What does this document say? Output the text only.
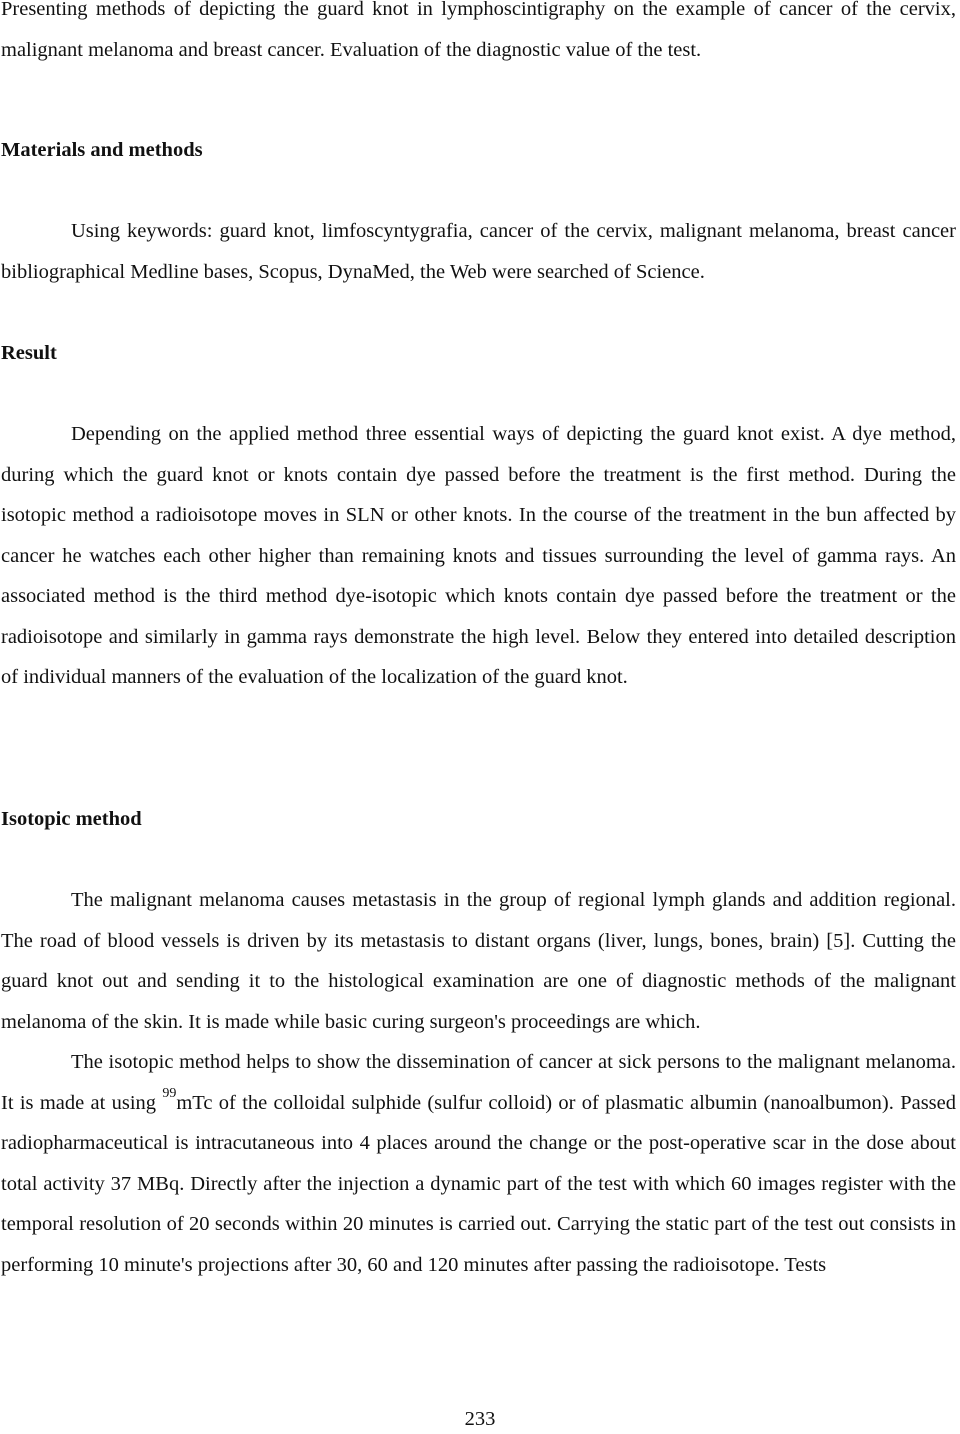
Presenting methods of depicting the guard knot in lymphoscintigraphy on the example of cancer of the cervix, malignant melanoma and breast cancer. Evaluation of the diagnostic value of the test.

Materials and methods

Using keywords: guard knot, limfoscyntygrafia, cancer of the cervix, malignant melanoma, breast cancer bibliographical Medline bases, Scopus, DynaMed, the Web were searched of Science.

Result

Depending on the applied method three essential ways of depicting the guard knot exist. A dye method, during which the guard knot or knots contain dye passed before the treatment is the first method. During the isotopic method a radioisotope moves in SLN or other knots. In the course of the treatment in the bun affected by cancer he watches each other higher than remaining knots and tissues surrounding the level of gamma rays. An associated method is the third method dye-isotopic which knots contain dye passed before the treatment or the radioisotope and similarly in gamma rays demonstrate the high level. Below they entered into detailed description of individual manners of the evaluation of the localization of the guard knot.

Isotopic method

The malignant melanoma causes metastasis in the group of regional lymph glands and addition regional. The road of blood vessels is driven by its metastasis to distant organs (liver, lungs, bones, brain) [5]. Cutting the guard knot out and sending it to the histological examination are one of diagnostic methods of the malignant melanoma of the skin. It is made while basic curing surgeon's proceedings are which.

The isotopic method helps to show the dissemination of cancer at sick persons to the malignant melanoma. It is made at using $^{99}$mTc of the colloidal sulphide (sulfur colloid) or of plasmatic albumin (nanoalbumon). Passed radiopharmaceutical is intracutaneous into 4 places around the change or the post-operative scar in the dose about total activity 37 MBq. Directly after the injection a dynamic part of the test with which 60 images register with the temporal resolution of 20 seconds within 20 minutes is carried out. Carrying the static part of the test out consists in performing 10 minute's projections after 30, 60 and 120 minutes after passing the radioisotope. Tests

233
